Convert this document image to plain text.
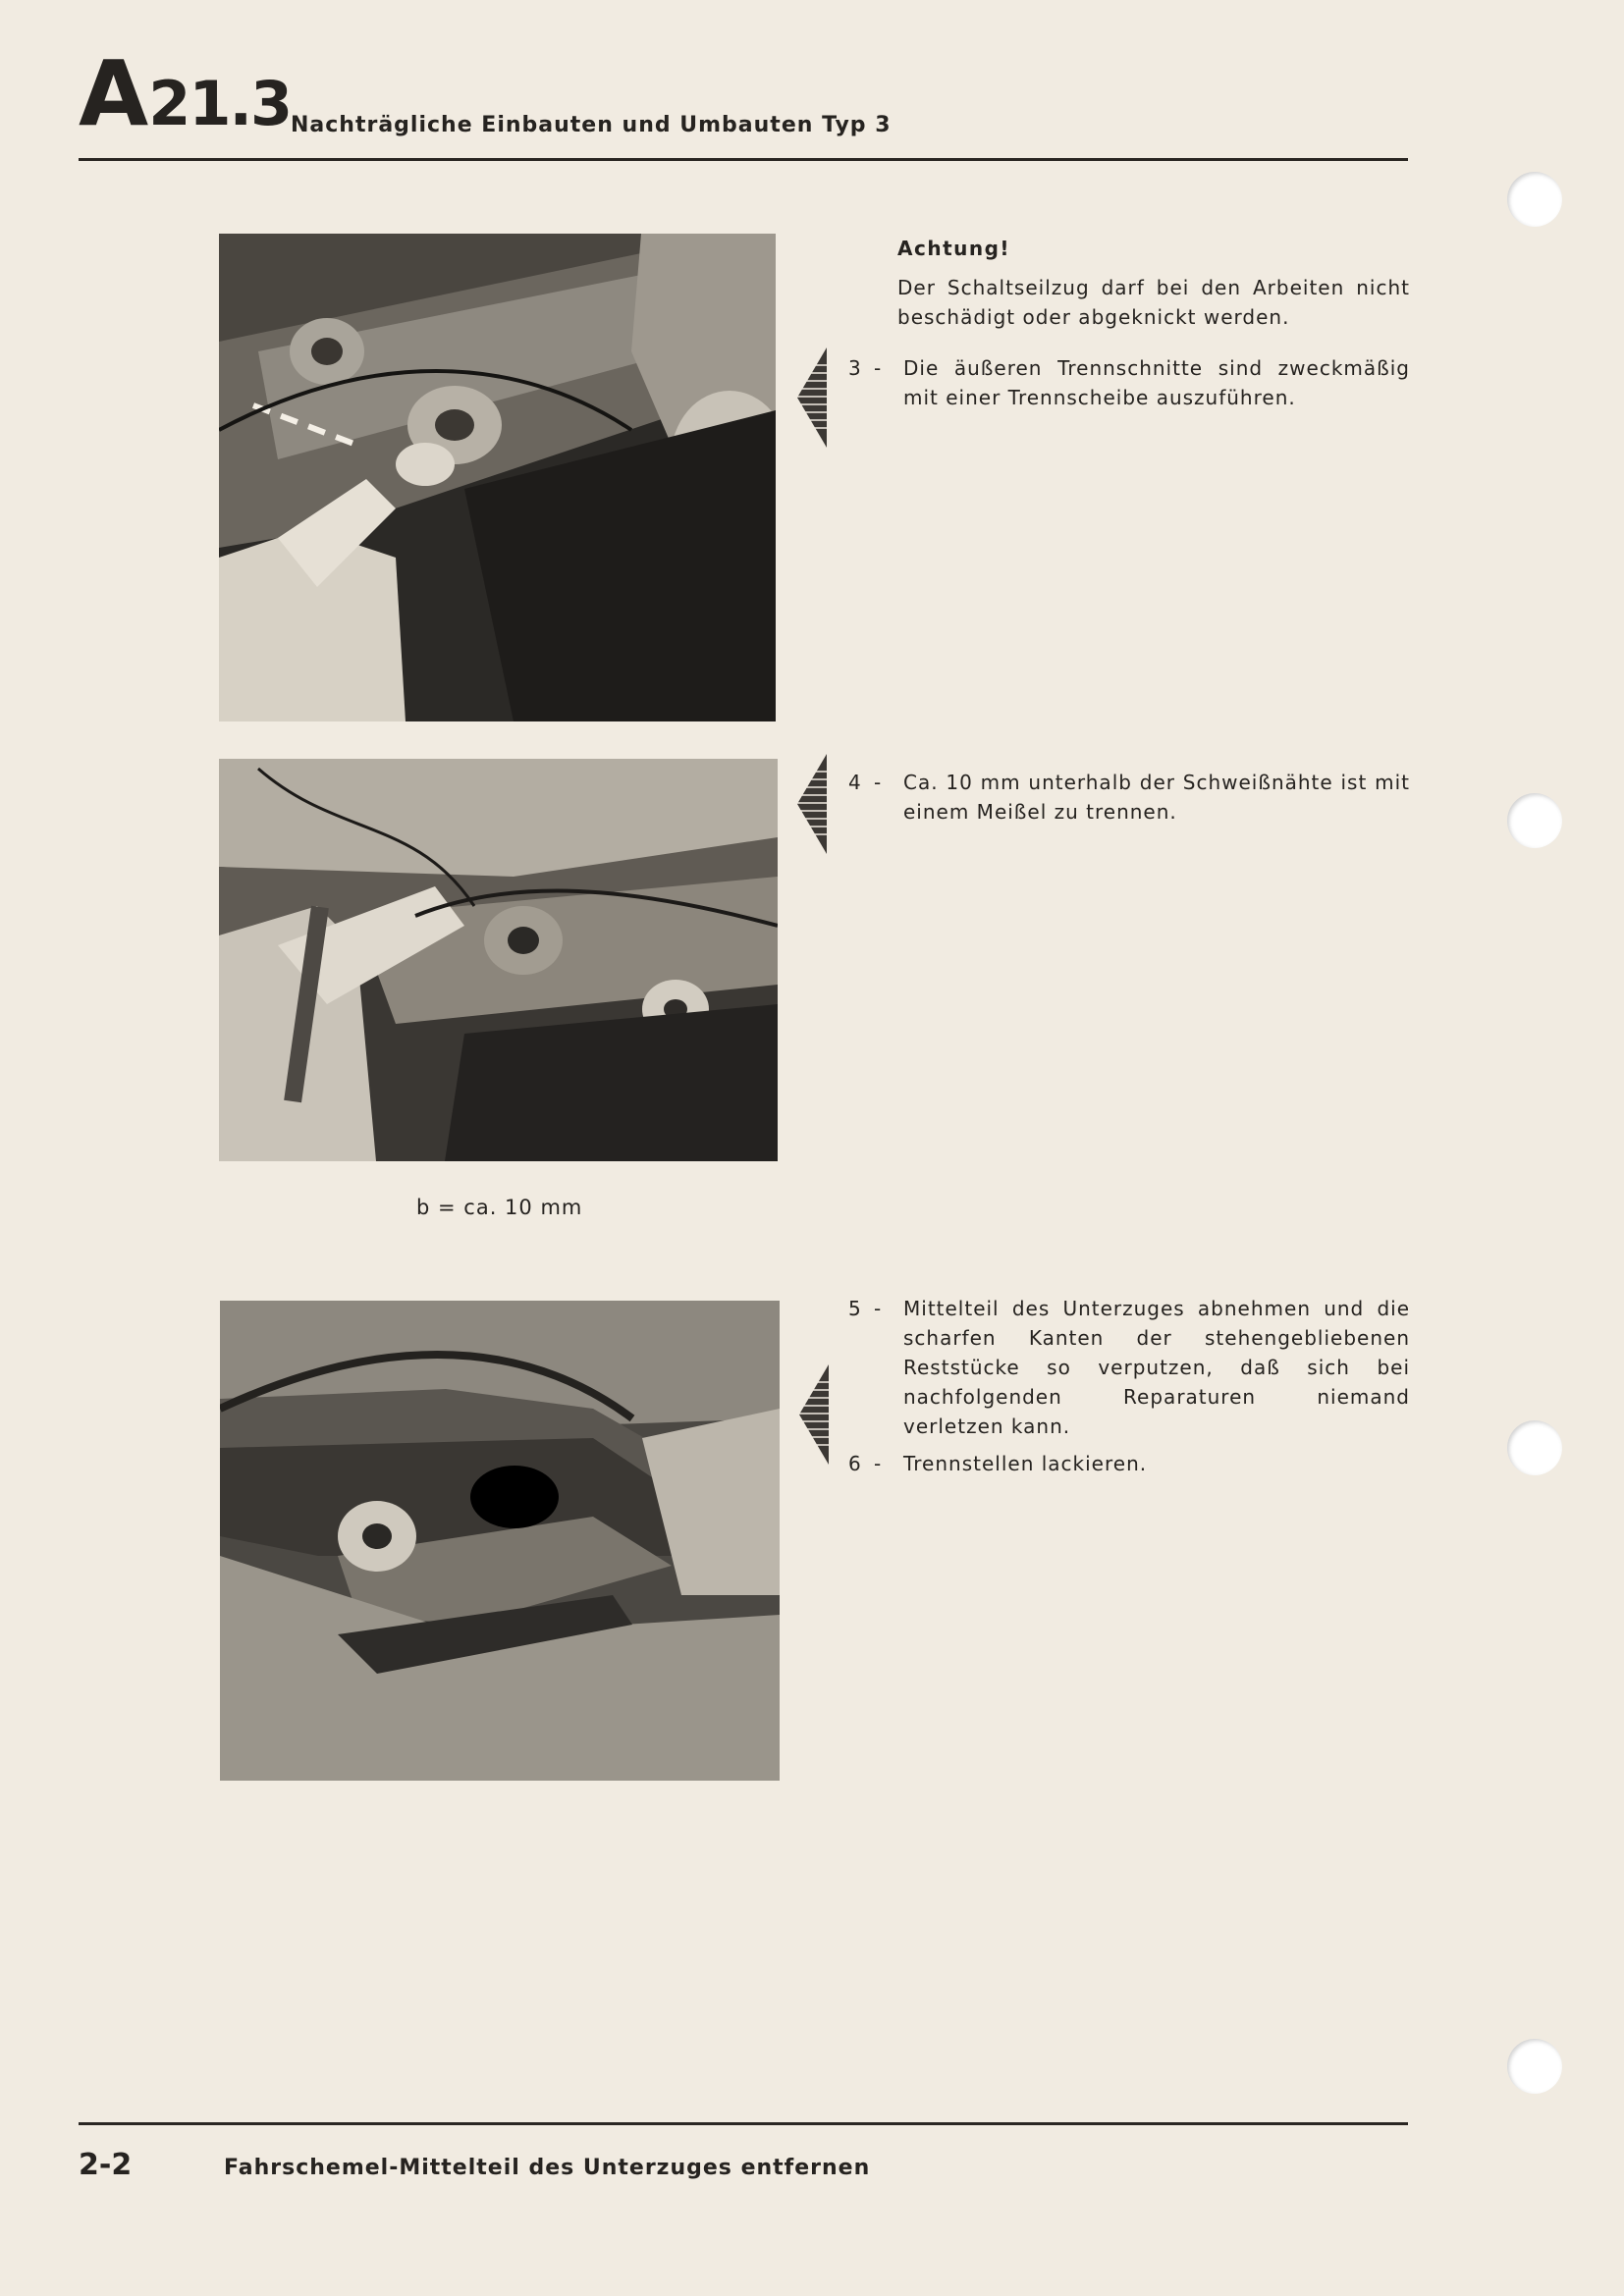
A 21.3 Nachträgliche Einbauten und Umbauten Typ 3
Achtung!
Der Schaltseilzug darf bei den Arbeiten nicht beschädigt oder abgeknickt werden.
3 -	Die äußeren Trennschnitte sind zweckmäßig mit einer Trennscheibe auszuführen.
4 -	Ca. 10 mm unterhalb der Schweißnähte ist mit einem Meißel zu trennen.
b = ca. 10 mm
5 -	Mittelteil des Unterzuges abnehmen und die scharfen Kanten der stehengebliebenen Reststücke so verputzen, daß sich bei nachfolgenden Reparaturen niemand verletzen kann.
6 -	Trennstellen lackieren.
2-2	Fahrschemel-Mittelteil des Unterzuges entfernen
